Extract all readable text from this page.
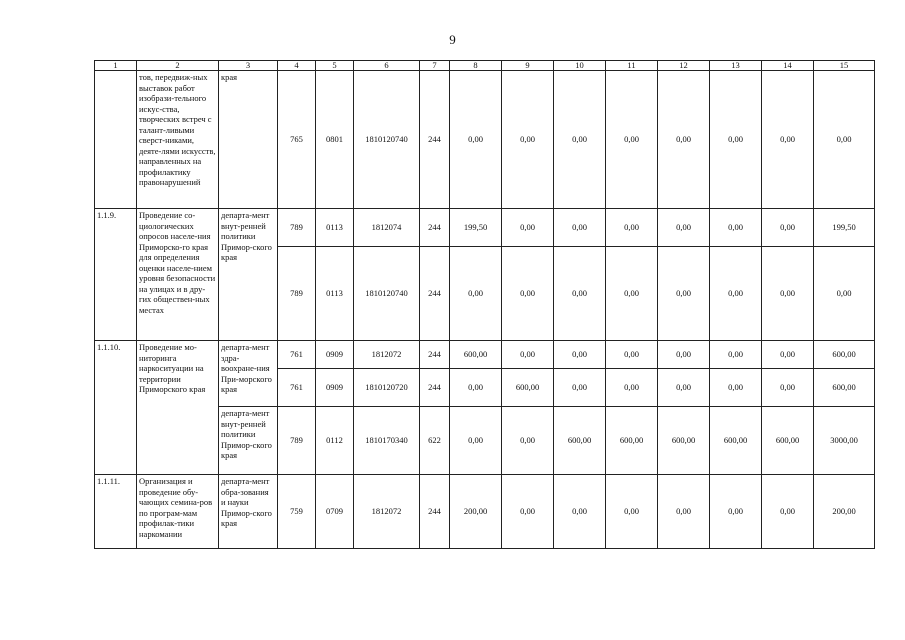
9
1	2	3	4	5	6	7	8	9	10	11	12	13	14	15
	тов, передвиж-ных выставок работ изобрази-тельного искус-ства, творческих встреч с талант-ливыми сверст-никами, деяте-лями искусств, направленных на профилактику правонарушений	края	765	0801	1810120740	244	0,00	0,00	0,00	0,00	0,00	0,00	0,00	0,00
1.1.9.	Проведение со-циологических опросов населе-ния Приморско-го края для определения оценки населе-нием уровня безопасности на улицах и в дру-гих обществен-ных местах	департа-мент внут-ренней политики Примор-ского края	789	0113	1812074	244	199,50	0,00	0,00	0,00	0,00	0,00	0,00	199,50
			789	0113	1810120740	244	0,00	0,00	0,00	0,00	0,00	0,00	0,00	0,00
1.1.10.	Проведение мо-ниторинга наркоситуации на территории Приморского края	департа-мент здра-воохране-ния При-морского края	761	0909	1812072	244	600,00	0,00	0,00	0,00	0,00	0,00	0,00	600,00
			761	0909	1810120720	244	0,00	600,00	0,00	0,00	0,00	0,00	0,00	600,00
		департа-мент внут-ренней политики Примор-ского края	789	0112	1810170340	622	0,00	0,00	600,00	600,00	600,00	600,00	600,00	3000,00
1.1.11.	Организация и проведение обу-чающих семина-ров по програм-мам профилак-тики наркомании	департа-мент обра-зования и науки Примор-ского края	759	0709	1812072	244	200,00	0,00	0,00	0,00	0,00	0,00	0,00	200,00
